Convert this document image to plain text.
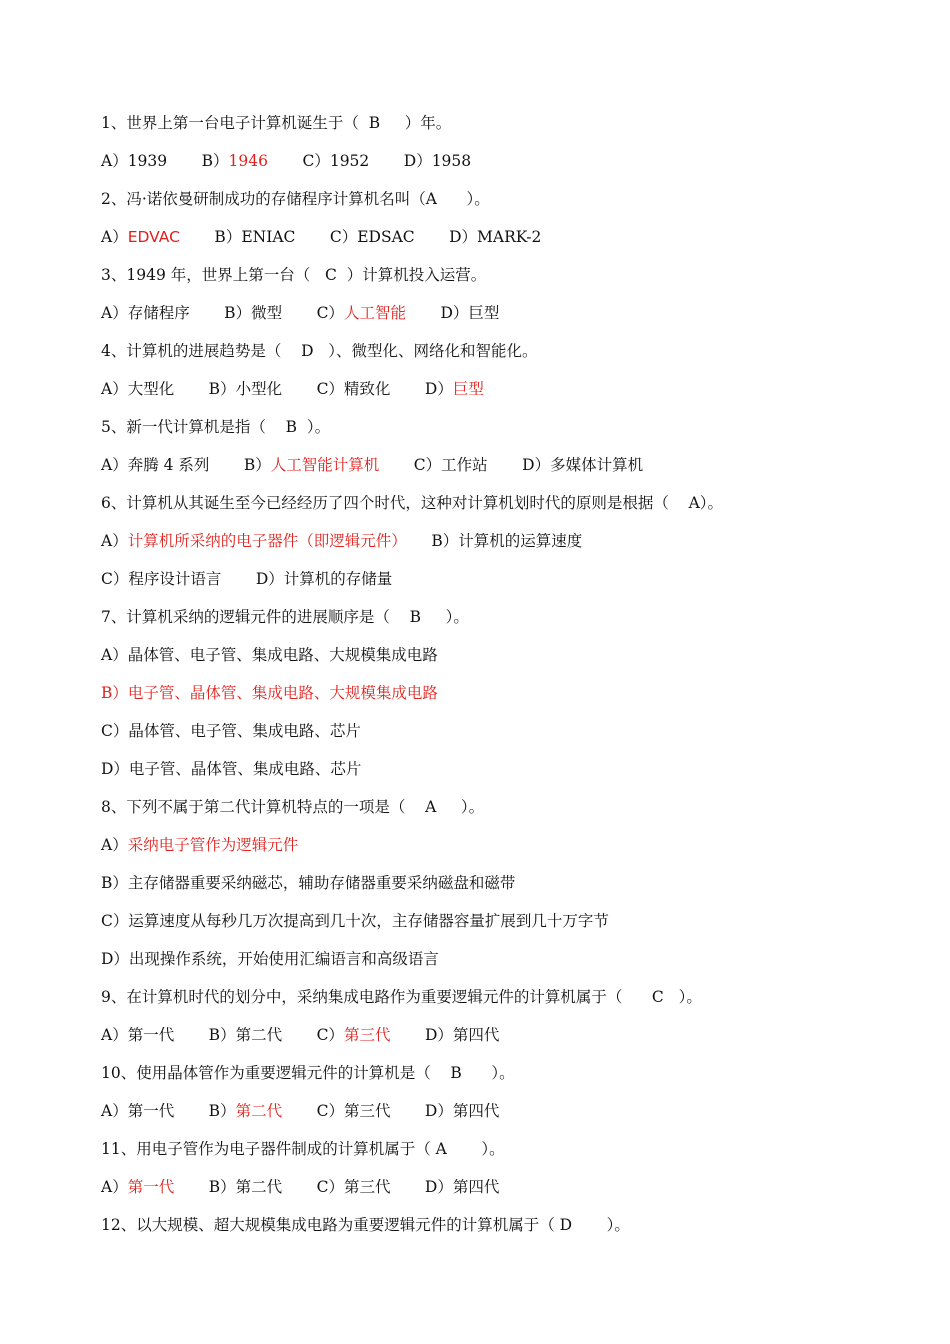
1、世界上第一台电子计算机诞生于（  B     ）年。
A）1939       B）1946       C）1952       D）1958
2、冯·诺依曼研制成功的存储程序计算机名叫（A      ）。
A）EDVAC       B）ENIAC       C）EDSAC       D）MARK-2
3、1949 年，世界上第一台（   C  ）计算机投入运营。
A）存储程序       B）微型       C）人工智能       D）巨型
4、计算机的进展趋势是（    D   ）、微型化、网络化和智能化。
A）大型化       B）小型化       C）精致化       D）巨型
5、新一代计算机是指（    B  ）。
A）奔腾 4 系列       B）人工智能计算机       C）工作站       D）多媒体计算机
6、计算机从其诞生至今已经经历了四个时代，这种对计算机划时代的原则是根据（    A）。
A）计算机所采纳的电子器件（即逻辑元件）     B）计算机的运算速度
C）程序设计语言       D）计算机的存储量
7、计算机采纳的逻辑元件的进展顺序是（    B     ）。
A）晶体管、电子管、集成电路、大规模集成电路
B）电子管、晶体管、集成电路、大规模集成电路
C）晶体管、电子管、集成电路、芯片
D）电子管、晶体管、集成电路、芯片
8、下列不属于第二代计算机特点的一项是（    A     ）。
A）采纳电子管作为逻辑元件
B）主存储器重要采纳磁芯，辅助存储器重要采纳磁盘和磁带
C）运算速度从每秒几万次提高到几十次，主存储器容量扩展到几十万字节
D）出现操作系统，开始使用汇编语言和高级语言
9、在计算机时代的划分中，采纳集成电路作为重要逻辑元件的计算机属于（      C   ）。
A）第一代       B）第二代       C）第三代       D）第四代
10、使用晶体管作为重要逻辑元件的计算机是（    B      ）。
A）第一代       B）第二代       C）第三代       D）第四代
11、用电子管作为电子器件制成的计算机属于（ A       ）。
A）第一代       B）第二代       C）第三代       D）第四代
12、以大规模、超大规模集成电路为重要逻辑元件的计算机属于（ D       ）。
